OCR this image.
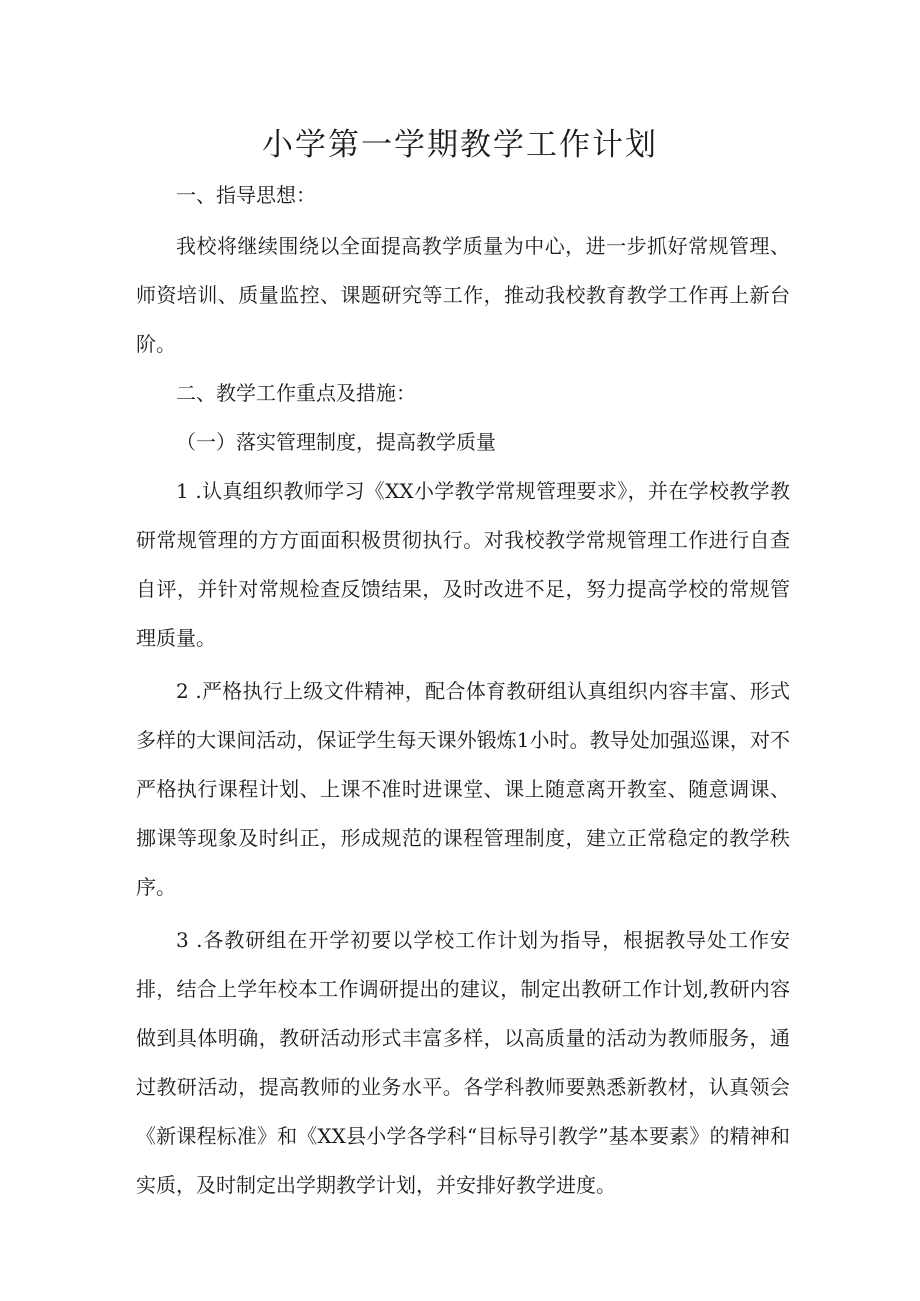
小学第一学期教学工作计划

一、指导思想：

我校将继续围绕以全面提高教学质量为中心，进一步抓好常规管理、师资培训、质量监控、课题研究等工作，推动我校教育教学工作再上新台阶。

二、教学工作重点及措施：

（一）落实管理制度，提高教学质量

1 .认真组织教师学习《XX小学教学常规管理要求》，并在学校教学教研常规管理的方方面面积极贯彻执行。对我校教学常规管理工作进行自查自评，并针对常规检查反馈结果，及时改进不足，努力提高学校的常规管理质量。

2 .严格执行上级文件精神，配合体育教研组认真组织内容丰富、形式多样的大课间活动，保证学生每天课外锻炼1小时。教导处加强巡课，对不严格执行课程计划、上课不准时进课堂、课上随意离开教室、随意调课、挪课等现象及时纠正，形成规范的课程管理制度，建立正常稳定的教学秩序。

3 .各教研组在开学初要以学校工作计划为指导，根据教导处工作安排，结合上学年校本工作调研提出的建议，制定出教研工作计划,教研内容做到具体明确，教研活动形式丰富多样，以高质量的活动为教师服务，通过教研活动，提高教师的业务水平。各学科教师要熟悉新教材，认真领会《新课程标准》和《XX县小学各学科“目标导引教学”基本要素》的精神和实质，及时制定出学期教学计划，并安排好教学进度。
